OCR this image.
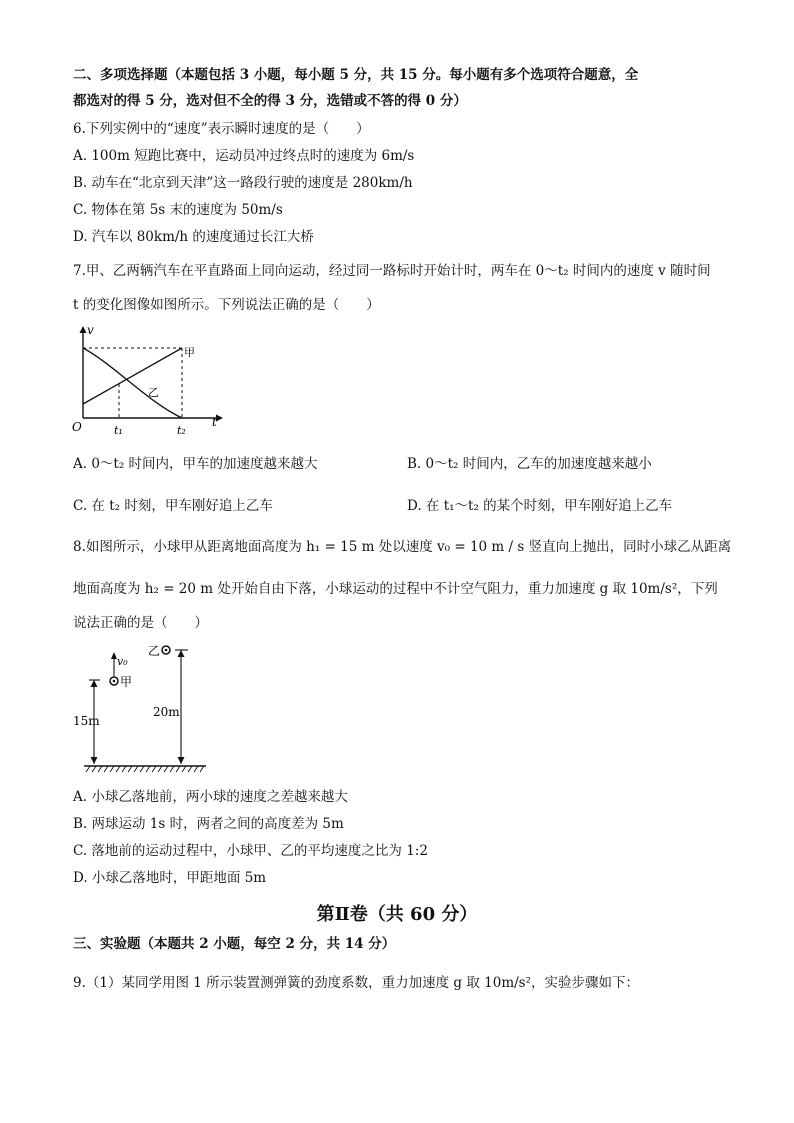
二、多项选择题（本题包括 3 小题，每小题 5 分，共 15 分。每小题有多个选项符合题意，全
都选对的得 5 分，选对但不全的得 3 分，选错或不答的得 0 分）
6.下列实例中的“速度”表示瞬时速度的是（　　）
A. 100m 短跑比赛中，运动员冲过终点时的速度为 6m/s
B. 动车在“北京到天津”这一路段行驶的速度是 280km/h
C. 物体在第 5s 末的速度为 50m/s
D. 汽车以 80km/h 的速度通过长江大桥
7.甲、乙两辆汽车在平直路面上同向运动，经过同一路标时开始计时，两车在 0～t₂ 时间内的速度 v 随时间
t 的变化图像如图所示。下列说法正确的是（　　）
v
t
O	t₁	t₂
甲
乙
A. 0～t₂ 时间内，甲车的加速度越来越大	B. 0～t₂ 时间内，乙车的加速度越来越小
C. 在 t₂ 时刻，甲车刚好追上乙车	D. 在 t₁～t₂ 的某个时刻，甲车刚好追上乙车
8.如图所示，小球甲从距离地面高度为 h₁ = 15 m 处以速度 v₀ = 10 m / s 竖直向上抛出，同时小球乙从距离
地面高度为 h₂ = 20 m 处开始自由下落，小球运动的过程中不计空气阻力，重力加速度 g 取 10m/s²，下列
说法正确的是（　　）
15m
20m
乙
甲
v₀
A. 小球乙落地前，两小球的速度之差越来越大
B. 两球运动 1s 时，两者之间的高度差为 5m
C. 落地前的运动过程中，小球甲、乙的平均速度之比为 1:2
D. 小球乙落地时，甲距地面 5m
第Ⅱ卷（共 60 分）
三、实验题（本题共 2 小题，每空 2 分，共 14 分）
9.（1）某同学用图 1 所示装置测弹簧的劲度系数，重力加速度 g 取 10m/s²，实验步骤如下：
